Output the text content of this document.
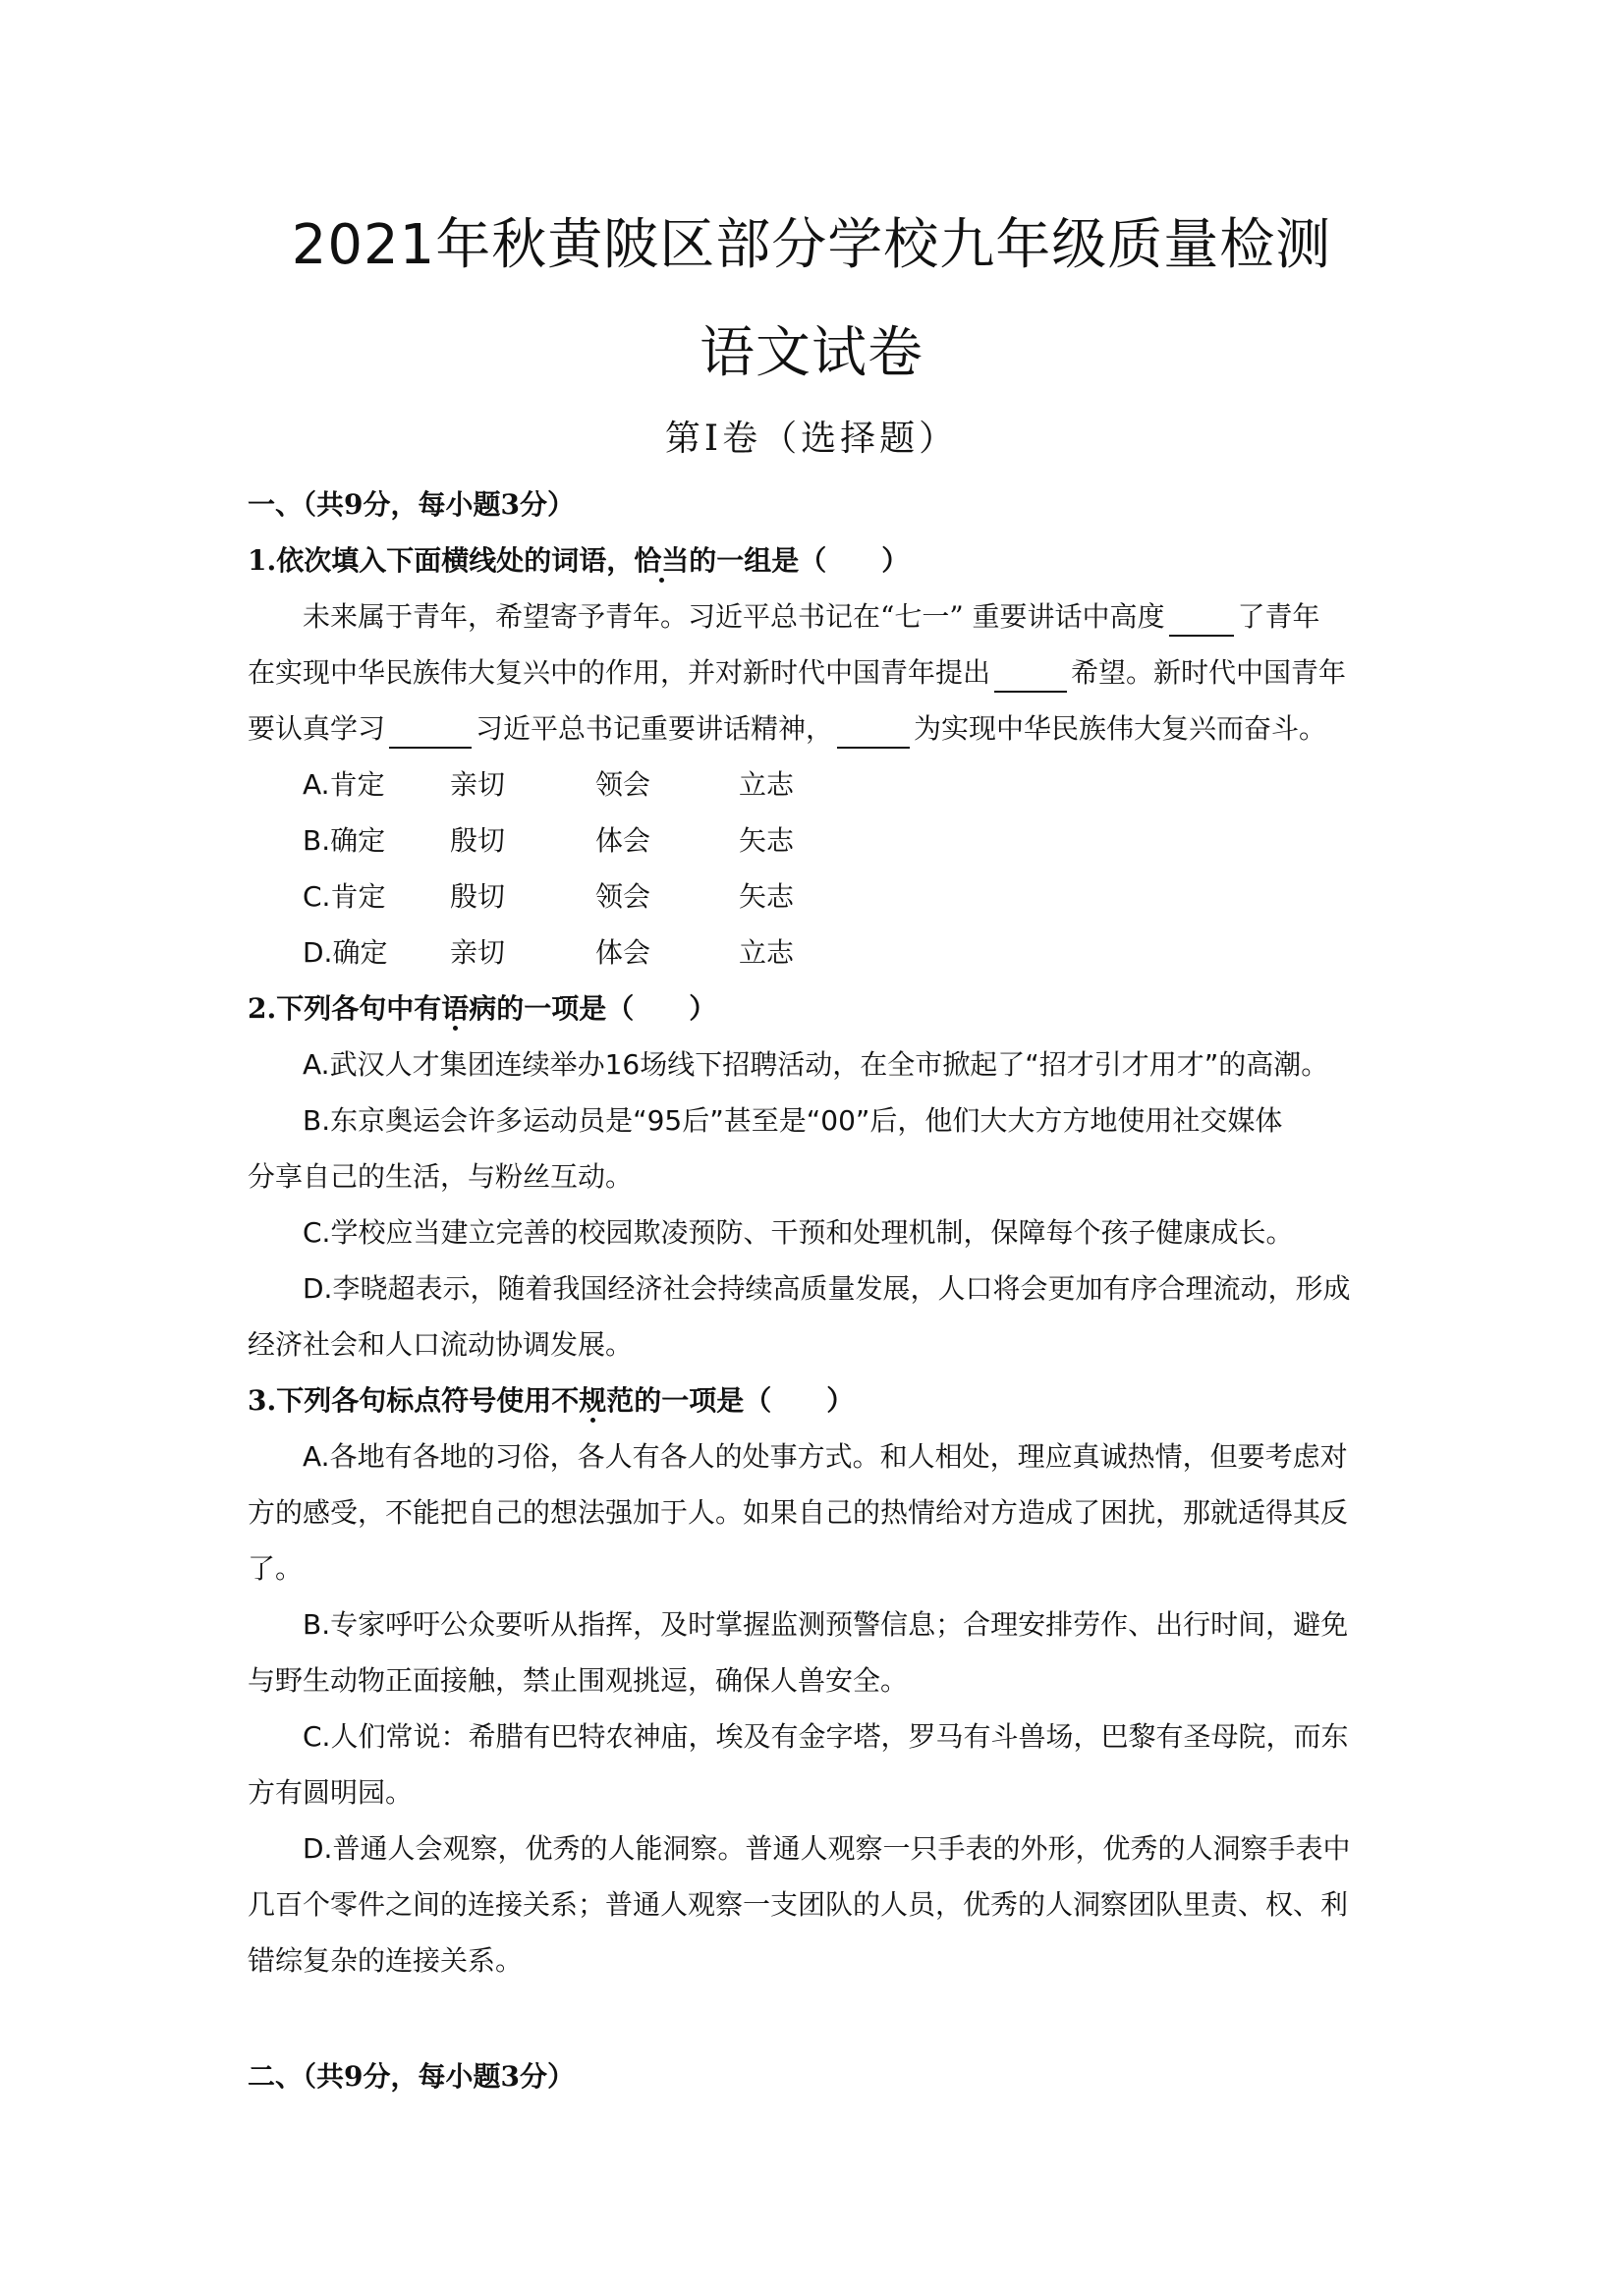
2021年秋黄陂区部分学校九年级质量检测
语文试卷
第Ⅰ卷（选择题）
一、（共9分，每小题3分）
1.依次填入下面横线处的词语，恰当的一组是（　　）
未来属于青年，希望寄予青年。习近平总书记在“七一” 重要讲话中高度	了青年
在实现中华民族伟大复兴中的作用，并对新时代中国青年提出	希望。新时代中国青年
要认真学习	习近平总书记重要讲话精神，	为实现中华民族伟大复兴而奋斗。
A.肯定 亲切	领会	立志
B.确定 殷切	体会	矢志
C.肯定 殷切	领会	矢志
D.确定 亲切	体会	立志
2.下列各句中有语病的一项是（　　）
A.武汉人才集团连续举办16场线下招聘活动，在全市掀起了“招才引才用才”的高潮。
B.东京奥运会许多运动员是“95后”甚至是“00”后，他们大大方方地使用社交媒体
分享自己的生活，与粉丝互动。
C.学校应当建立完善的校园欺凌预防、干预和处理机制，保障每个孩子健康成长。
D.李晓超表示，随着我国经济社会持续高质量发展，人口将会更加有序合理流动，形成
经济社会和人口流动协调发展。
3.下列各句标点符号使用不规范的一项是（　　）
A.各地有各地的习俗，各人有各人的处事方式。和人相处，理应真诚热情，但要考虑对
方的感受，不能把自己的想法强加于人。如果自己的热情给对方造成了困扰，那就适得其反
了。
B.专家呼吁公众要听从指挥，及时掌握监测预警信息；合理安排劳作、出行时间，避免
与野生动物正面接触，禁止围观挑逗，确保人兽安全。
C.人们常说：希腊有巴特农神庙，埃及有金字塔，罗马有斗兽场，巴黎有圣母院，而东
方有圆明园。
D.普通人会观察，优秀的人能洞察。普通人观察一只手表的外形，优秀的人洞察手表中
几百个零件之间的连接关系；普通人观察一支团队的人员，优秀的人洞察团队里责、权、利
错综复杂的连接关系。
二、（共9分，每小题3分）
